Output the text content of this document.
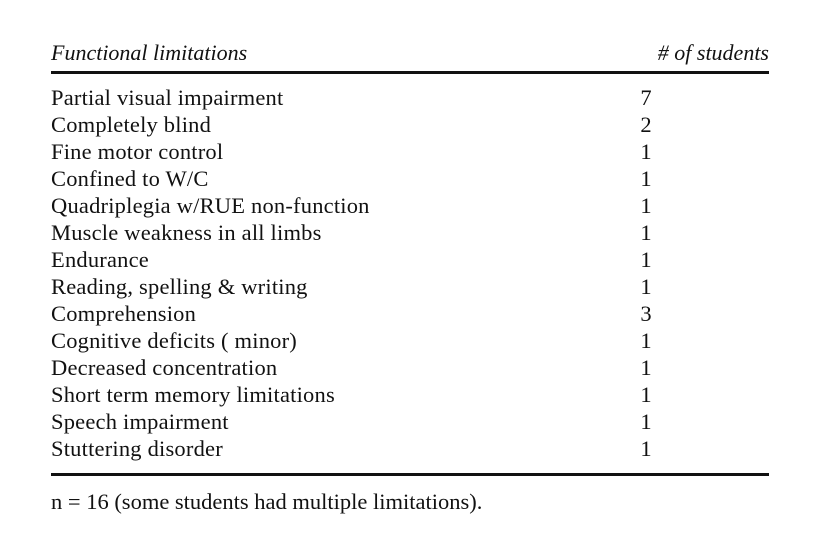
Functional limitations	# of students
Partial visual impairment	7
Completely blind	2
Fine motor control	1
Confined to W/C	1
Quadriplegia w/RUE non-function	1
Muscle weakness in all limbs	1
Endurance	1
Reading, spelling & writing	1
Comprehension	3
Cognitive deficits ( minor)	1
Decreased concentration	1
Short term memory limitations	1
Speech impairment	1
Stuttering disorder	1
n = 16 (some students had multiple limitations).
